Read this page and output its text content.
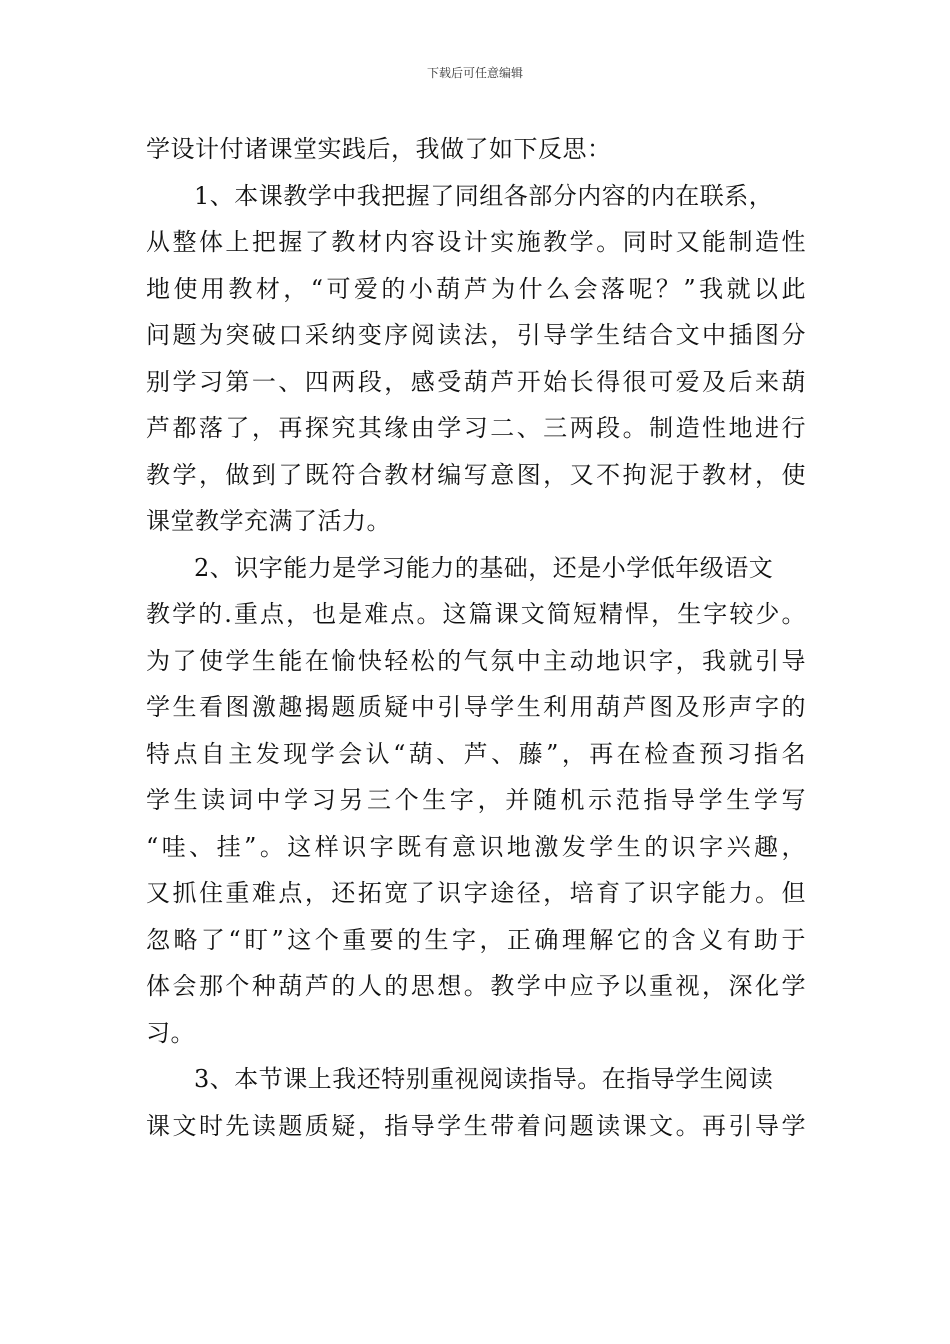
下载后可任意编辑
学设计付诸课堂实践后，我做了如下反思：
1、本课教学中我把握了同组各部分内容的内在联系，
从整体上把握了教材内容设计实施教学。同时又能制造性
地使用教材，“可爱的小葫芦为什么会落呢？”我就以此
问题为突破口采纳变序阅读法，引导学生结合文中插图分
别学习第一、四两段，感受葫芦开始长得很可爱及后来葫
芦都落了，再探究其缘由学习二、三两段。制造性地进行
教学，做到了既符合教材编写意图，又不拘泥于教材，使
课堂教学充满了活力。
2、识字能力是学习能力的基础，还是小学低年级语文
教学的.重点，也是难点。这篇课文简短精悍，生字较少。
为了使学生能在愉快轻松的气氛中主动地识字，我就引导
学生看图激趣揭题质疑中引导学生利用葫芦图及形声字的
特点自主发现学会认“葫、芦、藤”，再在检查预习指名
学生读词中学习另三个生字，并随机示范指导学生学写
“哇、挂”。这样识字既有意识地激发学生的识字兴趣，
又抓住重难点，还拓宽了识字途径，培育了识字能力。但
忽略了“盯”这个重要的生字，正确理解它的含义有助于
体会那个种葫芦的人的思想。教学中应予以重视，深化学
习。
3、本节课上我还特别重视阅读指导。在指导学生阅读
课文时先读题质疑，指导学生带着问题读课文。再引导学
